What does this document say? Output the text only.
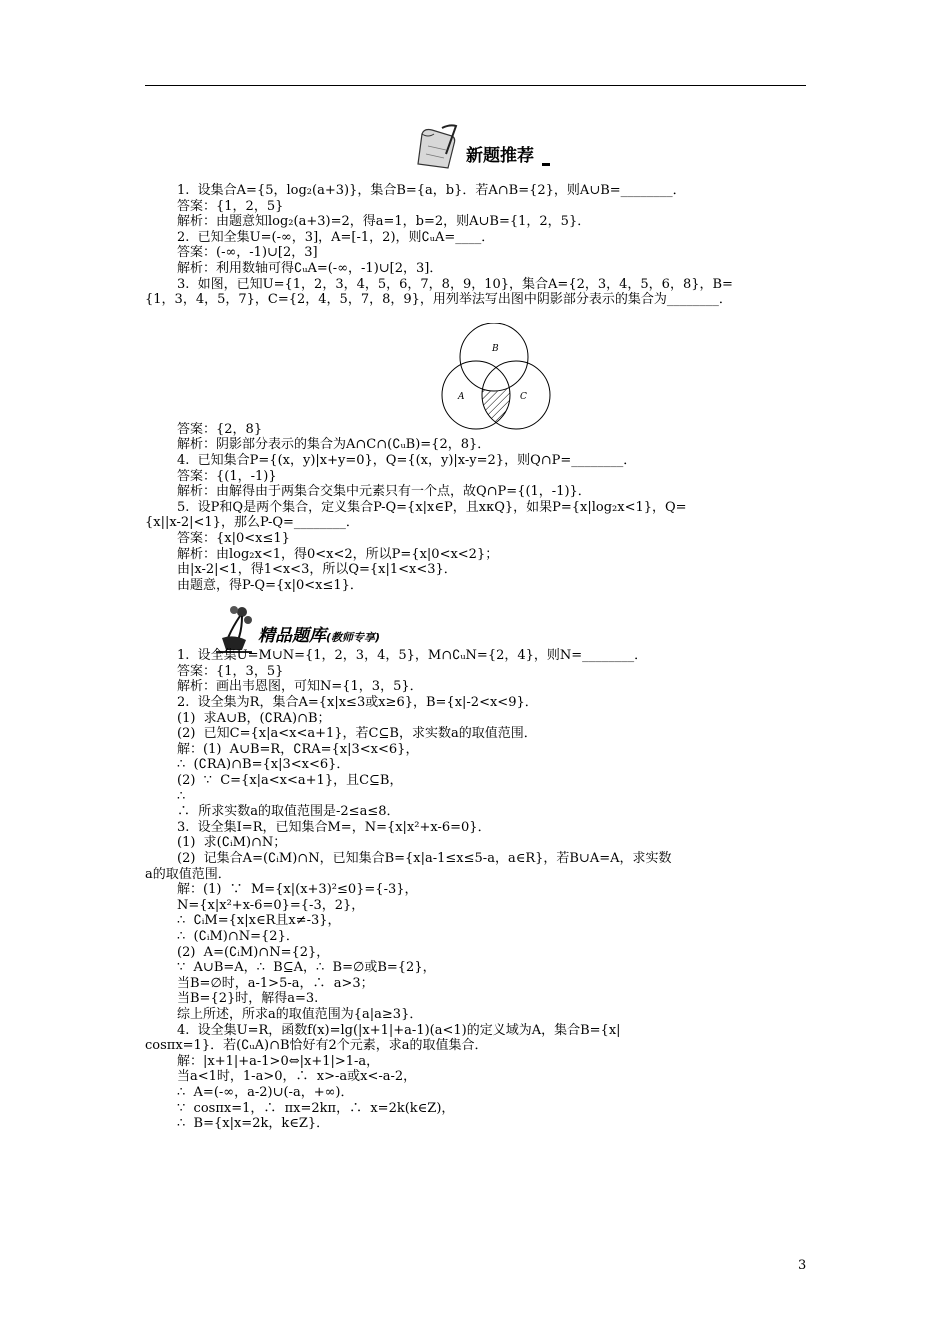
新题推荐
精品题库 (教师专享)
B
A	C
1.  设集合A={5，log₂(a+3)}，集合B={a，b}．若A∩B={2}，则A∪B=________．
答案：{1，2，5}
解析：由题意知log₂(a+3)=2，得a=1，b=2，则A∪B={1，2，5}．
2.  已知全集U=(-∞，3]，A=[-1，2)，则∁ᵤA=____．
答案：(-∞，-1)∪[2，3]
解析：利用数轴可得∁ᵤA=(-∞，-1)∪[2，3]．
3.  如图，已知U={1，2，3，4，5，6，7，8，9，10}，集合A={2，3，4，5，6，8}，B=
{1，3，4，5，7}，C={2，4，5，7，8，9}，用列举法写出图中阴影部分表示的集合为________．
答案：{2，8}
解析：阴影部分表示的集合为A∩C∩(∁ᵤB)={2，8}．
4.  已知集合P={(x，y)|x+y=0}，Q={(x，y)|x-y=2}，则Q∩P=________．
答案：{(1，-1)}
解析：由解得由于两集合交集中元素只有一个点，故Q∩P={(1，-1)}．
5.  设P和Q是两个集合，定义集合P-Q={x|x∈P，且xкQ}，如果P={x|log₂x<1}，Q=
{x||x-2|<1}，那么P-Q=________．
答案：{x|0<x≤1}
解析：由log₂x<1，得0<x<2，所以P={x|0<x<2}；
由|x-2|<1，得1<x<3，所以Q={x|1<x<3}．
由题意，得P-Q={x|0<x≤1}．
1.  设全集U=M∪N={1，2，3，4，5}，M∩∁ᵤN={2，4}，则N=________．
答案：{1，3，5}
解析：画出韦恩图，可知N={1，3，5}．
2.  设全集为R，集合A={x|x≤3或x≥6}，B={x|-2<x<9}．
(1)  求A∪B，(∁RA)∩B；
(2)  已知C={x|a<x<a+1}，若C⊆B，求实数a的取值范围．
解：(1)  A∪B=R，∁RA={x|3<x<6}，
∴  (∁RA)∩B={x|3<x<6}．
(2)  ∵  C={x|a<x<a+1}，且C⊆B，
∴
∴  所求实数a的取值范围是-2≤a≤8．
3.  设全集I=R，已知集合M=，N={x|x²+x-6=0}．
(1)  求(∁ᵢM)∩N；
(2)  记集合A=(∁ᵢM)∩N，已知集合B={x|a-1≤x≤5-a，a∈R}，若B∪A=A，求实数
a的取值范围．
解：(1)  ∵  M={x|(x+3)²≤0}={-3}，
N={x|x²+x-6=0}={-3，2}，
∴  ∁ᵢM={x|x∈R且x≠-3}，
∴  (∁ᵢM)∩N={2}．
(2)  A=(∁ᵢM)∩N={2}，
∵  A∪B=A，∴  B⊆A，∴  B=∅或B={2}，
当B=∅时，a-1>5-a，∴  a>3；
当B={2}时，解得a=3.
综上所述，所求a的取值范围为{a|a≥3}．
4.  设全集U=R，函数f(x)=lg(|x+1|+a-1)(a<1)的定义域为A，集合B={x|
cosπx=1}．若(∁ᵤA)∩B恰好有2个元素，求a的取值集合．
解：|x+1|+a-1>0⇔|x+1|>1-a，
当a<1时，1-a>0，∴  x>-a或x<-a-2，
∴  A=(-∞，a-2)∪(-a，+∞)．
∵  cosπx=1，∴  πx=2kπ，∴  x=2k(k∈Z)，
∴  B={x|x=2k，k∈Z}．
3
